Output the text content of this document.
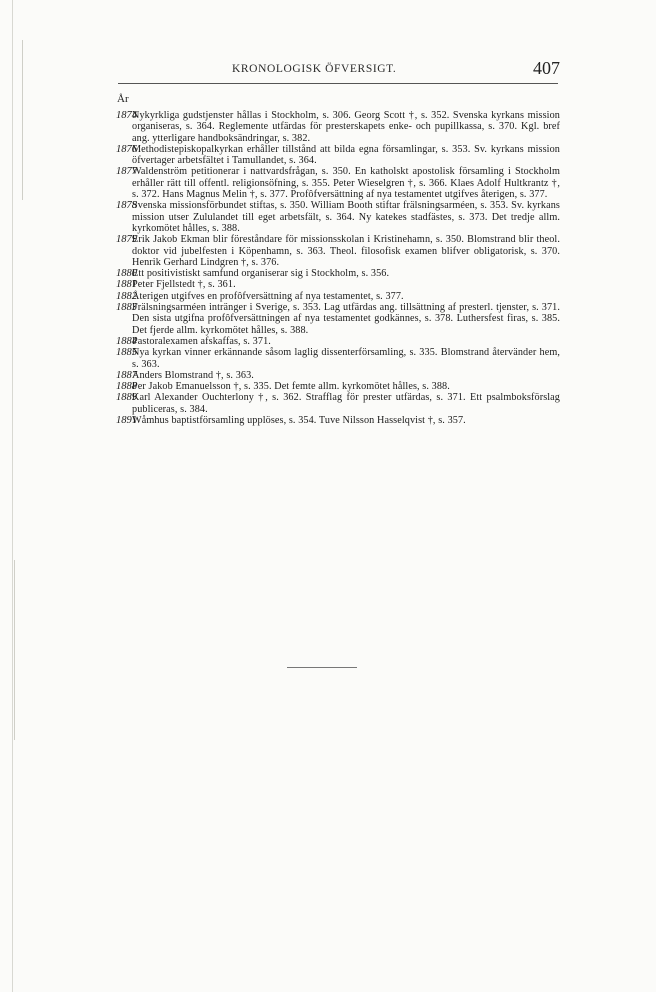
KRONOLOGISK ÖFVERSIGT.	407
År
1874
Nykyrkliga gudstjenster hållas i Stockholm, s. 306. Georg Scott †, s. 352. Svenska kyrkans mission organiseras, s. 364. Reglemente utfärdas för presterskapets enke- och pupillkassa, s. 370. Kgl. bref ang. ytterligare handboksändringar, s. 382.
1876
Methodistepiskopalkyrkan erhåller tillstånd att bilda egna församlingar, s. 353. Sv. kyrkans mission öfvertager arbetsfältet i Tamullandet, s. 364.
1877
Waldenström petitionerar i nattvardsfrågan, s. 350. En katholskt apostolisk församling i Stockholm erhåller rätt till offentl. religionsöfning, s. 355. Peter Wieselgren †, s. 366. Klaes Adolf Hultkrantz †, s. 372. Hans Magnus Melin †, s. 377. Profôfversättning af nya testamentet utgifves återigen, s. 377.
1878
Svenska missionsförbundet stiftas, s. 350. William Booth stiftar frälsningsarméen, s. 353. Sv. kyrkans mission utser Zululandet till eget arbetsfält, s. 364. Ny katekes stadfästes, s. 373. Det tredje allm. kyrkomötet hålles, s. 388.
1879
Erik Jakob Ekman blir föreståndare för missionsskolan i Kristinehamn, s. 350. Blomstrand blir theol. doktor vid jubelfesten i Köpenhamn, s. 363. Theol. filosofisk examen blifver obligatorisk, s. 370. Henrik Gerhard Lindgren †, s. 376.
1880
Ett positivistiskt samfund organiserar sig i Stockholm, s. 356.
1881
Peter Fjellstedt †, s. 361.
1882
Återigen utgifves en profôfversättning af nya testamentet, s. 377.
1883
Frälsningsarméen intränger i Sverige, s. 353. Lag utfärdas ang. tillsättning af presterl. tjenster, s. 371. Den sista utgifna profôfversättningen af nya testamentet godkännes, s. 378. Luthersfest firas, s. 385. Det fjerde allm. kyrkomötet hålles, s. 388.
1884
Pastoralexamen afskaffas, s. 371.
1885
Nya kyrkan vinner erkännande såsom laglig dissenterförsamling, s. 335. Blomstrand återvänder hem, s. 363.
1887
Anders Blomstrand †, s. 363.
1888
Per Jakob Emanuelsson †, s. 335. Det femte allm. kyrkomötet hålles, s. 388.
1889
Karl Alexander Ouchterlony †, s. 362. Strafflag för prester utfärdas, s. 371. Ett psalmboksförslag publiceras, s. 384.
1891
Wåmhus baptistförsamling upplöses, s. 354. Tuve Nilsson Hasselqvist †, s. 357.
